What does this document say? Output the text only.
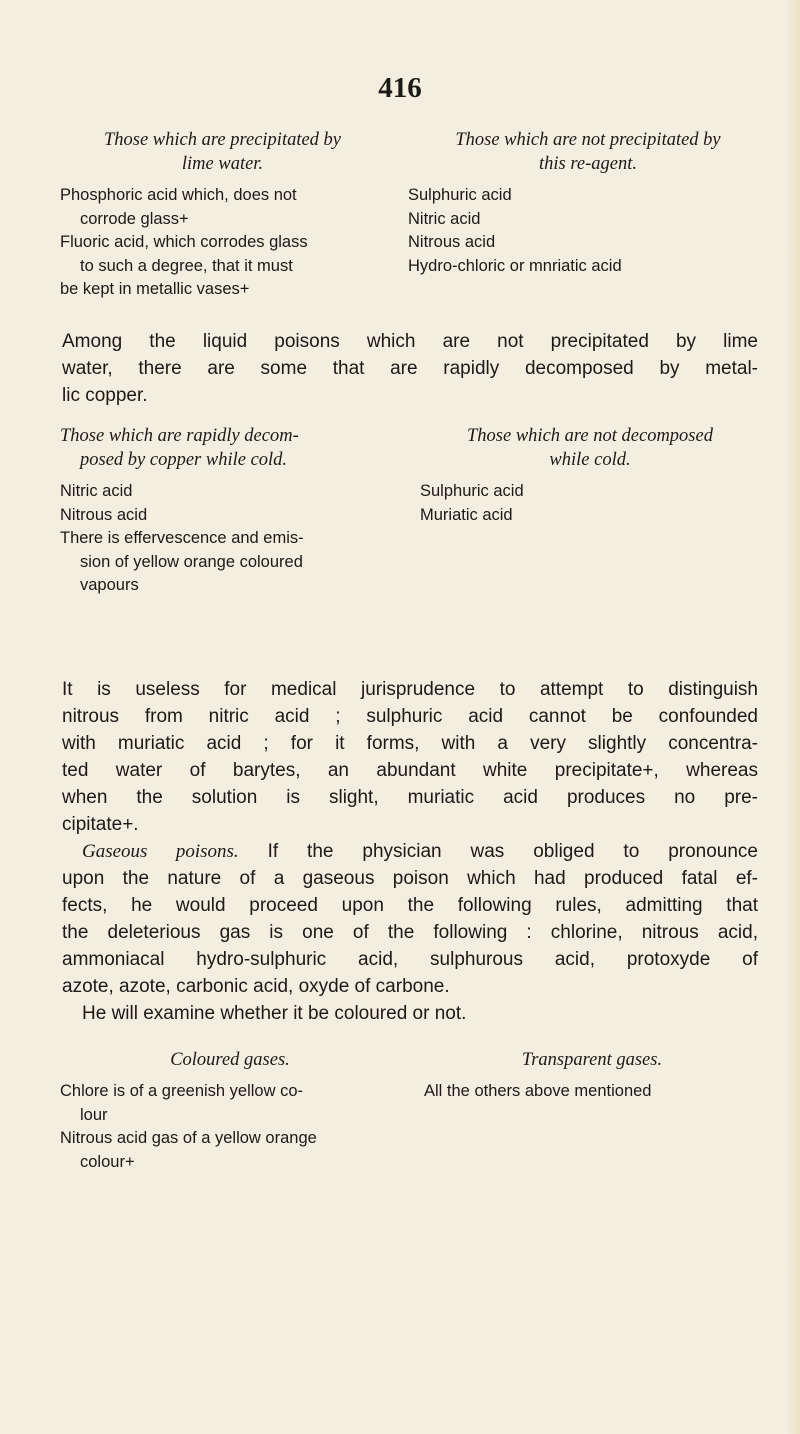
416
Those which are precipitated by
lime water.
Phosphoric acid which, does not
corrode glass+
Fluoric acid, which corrodes glass
to such a degree, that it must
be kept in metallic vases+
Those which are not precipitated by
this re-agent.
Sulphuric acid
Nitric acid
Nitrous acid
Hydro-chloric or mnriatic acid
Among the liquid poisons which are not precipitated by lime
water, there are some that are rapidly decomposed by metal-
lic copper.
Those which are rapidly decom-
posed by copper while cold.
Nitric acid
Nitrous acid
There is effervescence and emis-
sion of yellow orange coloured
vapours
Those which are not decomposed
while cold.
Sulphuric acid
Muriatic acid
It is useless for medical jurisprudence to attempt to distinguish
nitrous from nitric acid ; sulphuric acid cannot be confounded
with muriatic acid ; for it forms, with a very slightly concentra-
ted water of barytes, an abundant white precipitate+, whereas
when the solution is slight, muriatic acid produces no pre-
cipitate+.
Gaseous poisons. If the physician was obliged to pronounce
upon the nature of a gaseous poison which had produced fatal ef-
fects, he would proceed upon the following rules, admitting that
the deleterious gas is one of the following : chlorine, nitrous acid,
ammoniacal hydro-sulphuric acid, sulphurous acid, protoxyde of
azote, azote, carbonic acid, oxyde of carbone.
He will examine whether it be coloured or not.
Coloured gases.
Chlore is of a greenish yellow co-
lour
Nitrous acid gas of a yellow orange
colour+
Transparent gases.
All the others above mentioned
